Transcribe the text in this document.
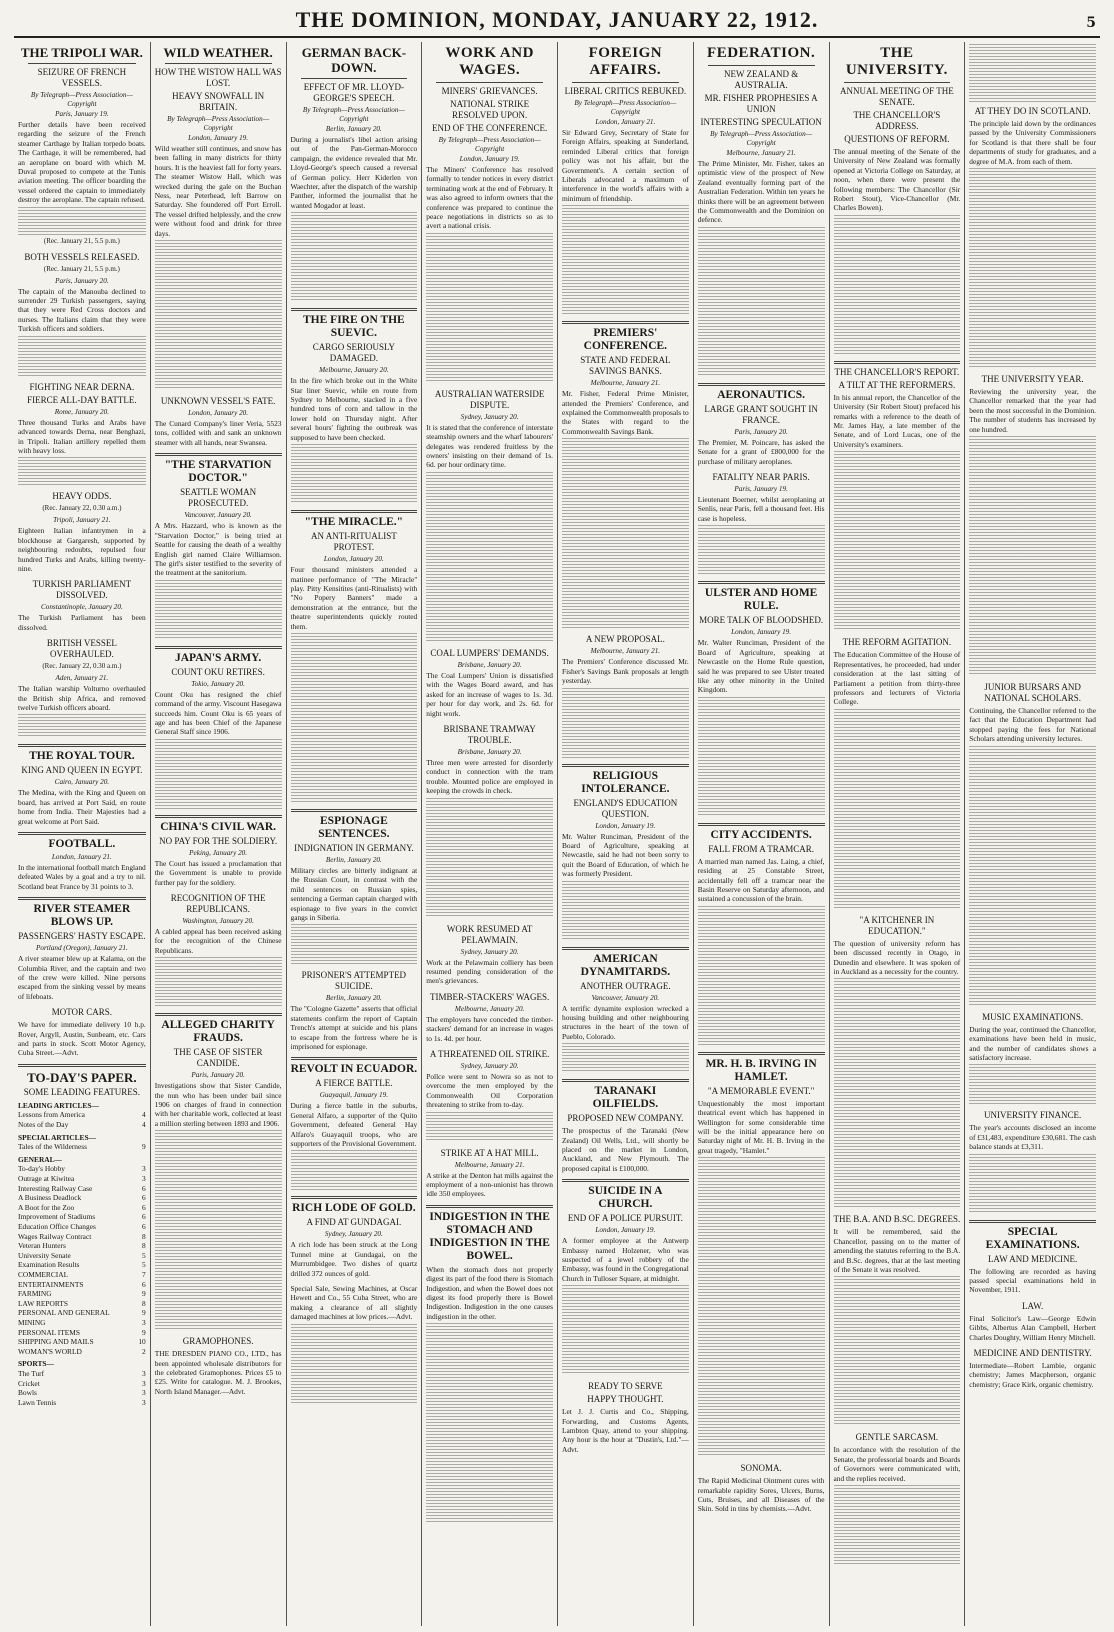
THE DOMINION, MONDAY, JANUARY 22, 1912.	5
THE TRIPOLI WAR.
SEIZURE OF FRENCH VESSELS.
By Telegraph—Press Association—Copyright
Paris, January 19.
Further details have been received regarding the seizure of the French steamer Carthage by Italian torpedo boats. The Carthage, it will be remembered, had an aeroplane on board with which M. Duval proposed to compete at the Tunis aviation meeting. The officer boarding the vessel ordered the captain to immediately destroy the aeroplane. The captain refused.
(Rec. January 21, 5.5 p.m.)
BOTH VESSELS RELEASED.
(Rec. January 21, 5.5 p.m.)
Paris, January 20.
The captain of the Manouba declined to surrender 29 Turkish passengers, saying that they were Red Cross doctors and nurses. The Italians claim that they were Turkish officers and soldiers.
FIGHTING NEAR DERNA.
FIERCE ALL-DAY BATTLE.
Rome, January 20.
Three thousand Turks and Arabs have advanced towards Derna, near Benghazi, in Tripoli. Italian artillery repelled them with heavy loss.
HEAVY ODDS.
(Rec. January 22, 0.30 a.m.)
Tripoli, January 21.
Eighteen Italian infantrymen in a blockhouse at Gargaresh, supported by neighbouring redoubts, repulsed four hundred Turks and Arabs, killing twenty-nine.
TURKISH PARLIAMENT DISSOLVED.
Constantinople, January 20.
The Turkish Parliament has been dissolved.
BRITISH VESSEL OVERHAULED.
(Rec. January 22, 0.30 a.m.)
Aden, January 21.
The Italian warship Volturno overhauled the British ship Africa, and removed twelve Turkish officers aboard.
THE ROYAL TOUR.
KING AND QUEEN IN EGYPT.
Cairo, January 20.
The Medina, with the King and Queen on board, has arrived at Port Said, en route home from India. Their Majesties had a great welcome at Port Said.
FOOTBALL.
London, January 21.
In the international football match England defeated Wales by a goal and a try to nil. Scotland beat France by 31 points to 3.
RIVER STEAMER BLOWS UP.
PASSENGERS' HASTY ESCAPE.
Portland (Oregon), January 21.
A river steamer blew up at Kalama, on the Columbia River, and the captain and two of the crew were killed. Nine persons escaped from the sinking vessel by means of lifeboats.
MOTOR CARS.
We have for immediate delivery 10 h.p. Rover, Argyll, Austin, Sunbeam, etc. Cars and parts in stock. Scott Motor Agency, Cuba Street.—Advt.
TO-DAY'S PAPER.
SOME LEADING FEATURES.
LEADING ARTICLES—
Lessons from America	4
Notes of the Day	4
SPECIAL ARTICLES—
Tales of the Wilderness	9
GENERAL—
To-day's Hobby	3
Outrage at Kiwitea	3
Interesting Railway Case	6
A Business Deadlock	6
A Boot for the Zoo	6
Improvement of Stadiums	6
Education Office Changes	6
Wages Railway Contract	8
Veteran Hunters	8
University Senate	5
Examination Results	5
COMMERCIAL	7
ENTERTAINMENTS	6
FARMING	9
LAW REPORTS	8
PERSONAL AND GENERAL	9
MINING	3
PERSONAL ITEMS	9
SHIPPING AND MAILS	10
WOMAN'S WORLD	2
SPORTS—
The Turf	3
Cricket	3
Bowls	3
Lawn Tennis	3
WILD WEATHER.
HOW THE WISTOW HALL WAS LOST.
HEAVY SNOWFALL IN BRITAIN.
By Telegraph—Press Association—Copyright
London, January 19.
Wild weather still continues, and snow has been falling in many districts for thirty hours. It is the heaviest fall for forty years. The steamer Wistow Hall, which was wrecked during the gale on the Buchan Ness, near Peterhead, left Barrow on Saturday. She foundered off Port Erroll. The vessel drifted helplessly, and the crew were without food and drink for three days.
UNKNOWN VESSEL'S FATE.
London, January 20.
The Cunard Company's liner Veria, 5523 tons, collided with and sank an unknown steamer with all hands, near Swansea.
"THE STARVATION DOCTOR."
SEATTLE WOMAN PROSECUTED.
Vancouver, January 20.
A Mrs. Hazzard, who is known as the "Starvation Doctor," is being tried at Seattle for causing the death of a wealthy English girl named Claire Williamson. The girl's sister testified to the severity of the treatment at the sanitorium.
JAPAN'S ARMY.
COUNT OKU RETIRES.
Tokio, January 20.
Count Oku has resigned the chief command of the army. Viscount Hasegawa succeeds him. Count Oku is 65 years of age and has been Chief of the Japanese General Staff since 1906.
CHINA'S CIVIL WAR.
NO PAY FOR THE SOLDIERY.
Peking, January 20.
The Court has issued a proclamation that the Government is unable to provide further pay for the soldiery.
RECOGNITION OF THE REPUBLICANS.
Washington, January 20.
A cabled appeal has been received asking for the recognition of the Chinese Republicans.
ALLEGED CHARITY FRAUDS.
THE CASE OF SISTER CANDIDE.
Paris, January 20.
Investigations show that Sister Candide, the nun who has been under bail since 1906 on charges of fraud in connection with her charitable work, collected at least a million sterling between 1893 and 1906.
GRAMOPHONES.
THE DRESDEN PIANO CO., LTD., has been appointed wholesale distributors for the celebrated Gramophones. Prices £5 to £25. Write for catalogue. M. J. Brookes, North Island Manager.—Advt.
GERMAN BACK-DOWN.
EFFECT OF MR. LLOYD-GEORGE'S SPEECH.
By Telegraph—Press Association—Copyright
Berlin, January 20.
During a journalist's libel action arising out of the Pan-German-Morocco campaign, the evidence revealed that Mr. Lloyd-George's speech caused a reversal of German policy. Herr Kiderlen von Waechter, after the dispatch of the warship Panther, informed the journalist that he wanted Mogador at least.
THE FIRE ON THE SUEVIC.
CARGO SERIOUSLY DAMAGED.
Melbourne, January 20.
In the fire which broke out in the White Star liner Suevic, while en route from Sydney to Melbourne, stacked in a five hundred tons of corn and tallow in the lower hold on Thursday night. After several hours' fighting the outbreak was supposed to have been checked.
"THE MIRACLE."
AN ANTI-RITUALIST PROTEST.
London, January 20.
Four thousand ministers attended a matinee performance of "The Miracle" play. Pitty Kensitites (anti-Ritualists) with "No Popery Banners" made a demonstration at the entrance, but the theatre superintendents quickly routed them.
ESPIONAGE SENTENCES.
INDIGNATION IN GERMANY.
Berlin, January 20.
Military circles are bitterly indignant at the Russian Court, in contrast with the mild sentences on Russian spies, sentencing a German captain charged with espionage to five years in the convict gangs in Siberia.
PRISONER'S ATTEMPTED SUICIDE.
Berlin, January 20.
The "Cologne Gazette" asserts that official statements confirm the report of Captain Trench's attempt at suicide and his plans to escape from the fortress where he is imprisoned for espionage.
REVOLT IN ECUADOR.
A FIERCE BATTLE.
Guayaquil, January 19.
During a fierce battle in the suburbs, General Alfaro, a supporter of the Quito Government, defeated General Hay Alfaro's Guayaquil troops, who are supporters of the Provisional Government.
RICH LODE OF GOLD.
A FIND AT GUNDAGAI.
Sydney, January 20.
A rich lode has been struck at the Long Tunnel mine at Gundagai, on the Murrumbidgee. Two dishes of quartz drilled 372 ounces of gold.
Special Sale, Sewing Machines, at Oscar Hewett and Co., 55 Cuba Street, who are making a clearance of all slightly damaged machines at low prices.—Advt.
WORK AND WAGES.
MINERS' GRIEVANCES.
NATIONAL STRIKE RESOLVED UPON.
END OF THE CONFERENCE.
By Telegraph—Press Association—Copyright
London, January 19.
The Miners' Conference has resolved formally to tender notices in every district terminating work at the end of February. It was also agreed to inform owners that the conference was prepared to continue the peace negotiations in districts so as to avert a national crisis.
AUSTRALIAN WATERSIDE DISPUTE.
Sydney, January 20.
It is stated that the conference of interstate steamship owners and the wharf labourers' delegates was rendered fruitless by the owners' insisting on their demand of 1s. 6d. per hour ordinary time.
COAL LUMPERS' DEMANDS.
Brisbane, January 20.
The Coal Lumpers' Union is dissatisfied with the Wages Board award, and has asked for an increase of wages to 1s. 3d. per hour for day work, and 2s. 6d. for night work.
BRISBANE TRAMWAY TROUBLE.
Brisbane, January 20.
Three men were arrested for disorderly conduct in connection with the tram trouble. Mounted police are employed in keeping the crowds in check.
WORK RESUMED AT PELAWMAIN.
Sydney, January 20.
Work at the Pelawmain colliery has been resumed pending consideration of the men's grievances.
TIMBER-STACKERS' WAGES.
Melbourne, January 20.
The employers have conceded the timber-stackers' demand for an increase in wages to 1s. 4d. per hour.
A THREATENED OIL STRIKE.
Sydney, January 20.
Pollce were sent to Nowra so as not to overcome the men employed by the Commonwealth Oil Corporation threatening to strike from to-day.
STRIKE AT A HAT MILL.
Melbourne, January 21.
A strike at the Denton hat mills against the employment of a non-unionist has thrown idle 350 employees.
INDIGESTION IN THE STOMACH AND INDIGESTION IN THE BOWEL.
When the stomach does not properly digest its part of the food there is Stomach Indigestion, and when the Bowel does not digest its food properly there is Bowel Indigestion. Indigestion in the one causes indigestion in the other.
FOREIGN AFFAIRS.
LIBERAL CRITICS REBUKED.
By Telegraph—Press Association—Copyright
London, January 21.
Sir Edward Grey, Secretary of State for Foreign Affairs, speaking at Sunderland, reminded Liberal critics that foreign policy was not his affair, but the Government's. A certain section of Liberals advocated a maximum of interference in the world's affairs with a minimum of friendship.
PREMIERS' CONFERENCE.
STATE AND FEDERAL SAVINGS BANKS.
Melbourne, January 21.
Mr. Fisher, Federal Prime Minister, attended the Premiers' Conference, and explained the Commonwealth proposals to the States with regard to the Commonwealth Savings Bank.
A NEW PROPOSAL.
Melbourne, January 21.
The Premiers' Conference discussed Mr. Fisher's Savings Bank proposals at length yesterday.
RELIGIOUS INTOLERANCE.
ENGLAND'S EDUCATION QUESTION.
London, January 19.
Mr. Walter Runciman, President of the Board of Agriculture, speaking at Newcastle, said he had not been sorry to quit the Board of Education, of which he was formerly President.
AMERICAN DYNAMITARDS.
ANOTHER OUTRAGE.
Vancouver, January 20.
A terrific dynamite explosion wrecked a housing building and other neighbouring structures in the heart of the town of Pueblo, Colorado.
TARANAKI OILFIELDS.
PROPOSED NEW COMPANY.
The prospectus of the Taranaki (New Zealand) Oil Wells, Ltd., will shortly be placed on the market in London, Auckland, and New Plymouth. The proposed capital is £100,000.
SUICIDE IN A CHURCH.
END OF A POLICE PURSUIT.
London, January 19.
A former employee at the Antwerp Embassy named Holzener, who was suspected of a jewel robbery of the Embassy, was found in the Congregational Church in Tulloser Square, at midnight.
READY TO SERVE
HAPPY THOUGHT.
Let J. J. Curtis and Co., Shipping, Forwarding, and Customs Agents, Lambton Quay, attend to your shipping. Any hour is the hour at "Dustin's, Ltd."—Advt.
FEDERATION.
NEW ZEALAND & AUSTRALIA.
MR. FISHER PROPHESIES A UNION
INTERESTING SPECULATION
By Telegraph—Press Association—Copyright
Melbourne, January 21.
The Prime Minister, Mr. Fisher, takes an optimistic view of the prospect of New Zealand eventually forming part of the Australian Federation. Within ten years he thinks there will be an agreement between the Commonwealth and the Dominion on defence.
AERONAUTICS.
LARGE GRANT SOUGHT IN FRANCE.
Paris, January 20.
The Premier, M. Poincare, has asked the Senate for a grant of £800,000 for the purchase of military aeroplanes.
FATALITY NEAR PARIS.
Paris, January 19.
Lieutenant Boerner, whilst aeroplaning at Senlis, near Paris, fell a thousand feet. His case is hopeless.
ULSTER AND HOME RULE.
MORE TALK OF BLOODSHED.
London, January 19.
Mr. Walter Runciman, President of the Board of Agriculture, speaking at Newcastle on the Home Rule question, said he was prepared to see Ulster treated like any other minority in the United Kingdom.
CITY ACCIDENTS.
FALL FROM A TRAMCAR.
A married man named Jas. Laing, a chief, residing at 25 Constable Street, accidentally fell off a tramcar near the Basin Reserve on Saturday afternoon, and sustained a concussion of the brain.
MR. H. B. IRVING IN HAMLET.
"A MEMORABLE EVENT."
Unquestionably the most important theatrical event which has happened in Wellington for some considerable time will be the initial appearance here on Saturday night of Mr. H. B. Irving in the great tragedy, "Hamlet."
SONOMA.
The Rapid Medicinal Ointment cures with remarkable rapidity Sores, Ulcers, Burns, Cuts, Bruises, and all Diseases of the Skin. Sold in tins by chemists.—Advt.
THE UNIVERSITY.
ANNUAL MEETING OF THE SENATE.
THE CHANCELLOR'S ADDRESS.
QUESTIONS OF REFORM.
The annual meeting of the Senate of the University of New Zealand was formally opened at Victoria College on Saturday, at noon, when there were present the following members: The Chancellor (Sir Robert Stout), Vice-Chancellor (Mr. Charles Bowen).
THE CHANCELLOR'S REPORT.
A TILT AT THE REFORMERS.
In his annual report, the Chancellor of the University (Sir Robert Stout) prefaced his remarks with a reference to the death of Mr. James Hay, a late member of the Senate, and of Lord Lucas, one of the University's examiners.
THE REFORM AGITATION.
The Education Committee of the House of Representatives, he proceeded, had under consideration at the last sitting of Parliament a petition from thirty-three professors and lecturers of Victoria College.
"A KITCHENER IN EDUCATION."
The question of university reform has been discussed recently in Otago, in Dunedin and elsewhere. It was spoken of in Auckland as a necessity for the country.
THE B.A. AND B.SC. DEGREES.
It will be remembered, said the Chancellor, passing on to the matter of amending the statutes referring to the B.A. and B.Sc. degrees, that at the last meeting of the Senate it was resolved.
GENTLE SARCASM.
In accordance with the resolution of the Senate, the professorial boards and Boards of Governors were communicated with, and the replies received.
AT THEY DO IN SCOTLAND.
The principle laid down by the ordinances passed by the University Commissioners for Scotland is that there shall be four departments of study for graduates, and a degree of M.A. from each of them.
THE UNIVERSITY YEAR.
Reviewing the university year, the Chancellor remarked that the year had been the most successful in the Dominion. The number of students has increased by one hundred.
JUNIOR BURSARS AND NATIONAL SCHOLARS.
Continuing, the Chancellor referred to the fact that the Education Department had stopped paying the fees for National Scholars attending university lectures.
MUSIC EXAMINATIONS.
During the year, continued the Chancellor, examinations have been held in music, and the number of candidates shows a satisfactory increase.
UNIVERSITY FINANCE.
The year's accounts disclosed an income of £31,483, expenditure £30,681. The cash balance stands at £3,311.
SPECIAL EXAMINATIONS.
LAW AND MEDICINE.
The following are recorded as having passed special examinations held in November, 1911.
LAW.
Final Solicitor's Law—George Edwin Gibbs, Albertus Alan Campbell, Herbert Charles Doughty, William Henry Mitchell.
MEDICINE AND DENTISTRY.
Intermediate—Robert Lambie, organic chemistry; James Macpherson, organic chemistry; Grace Kirk, organic chemistry.
